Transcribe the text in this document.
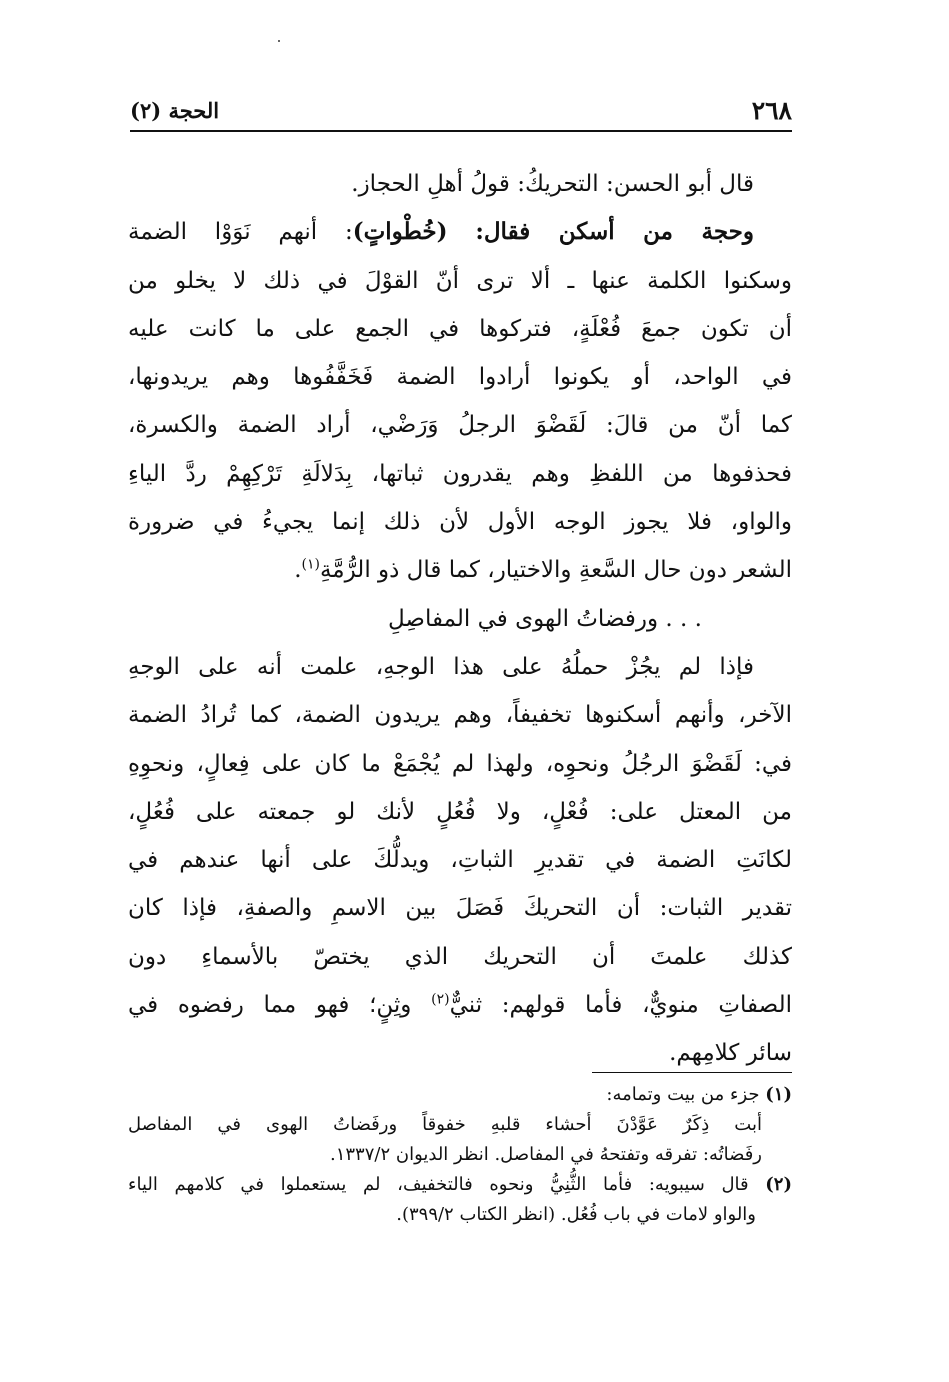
٢٦٨
الحجة (٢)
قال أبو الحسن: التحريكُ: قولُ أهلِ الحجاز.
وحجة من أسكن فقال: (خُطْواتٍ): أنهم نَوَوْا الضمة
وسكنوا الكلمة عنها ـ ألا ترى أنّ القوْلَ في ذلك لا يخلو من
أن تكون جمعَ فُعْلَةٍ، فتركوها في الجمع على ما كانت عليه
في الواحد، أو يكونوا أرادوا الضمة فَخَفَّفُوها وهم يريدونها،
كما أنّ من قالَ: لَقَضْوَ الرجلُ وَرَضْي، أراد الضمة والكسرة،
فحذفوها من اللفظِ وهم يقدرون ثباتها، بِدَلالَةِ تَرْكِهِمْ ردَّ الياءِ
والواو، فلا يجوز الوجه الأول لأن ذلك إنما يجيءُ في ضرورة
الشعر دون حال السَّعةِ والاختيار، كما قال ذو الرُّمَّةِ$^{(١)}$.
. . . ورفضاتُ الهوى في المفاصِلِ
فإذا لم يجُزْ حملُهُ على هذا الوجهِ، علمت أنه على الوجهِ
الآخر، وأنهم أسكنوها تخفيفاً، وهم يريدون الضمة، كما تُرادُ الضمة
في: لَقَضْوَ الرجُلُ ونحوِه، ولهذا لم يُجْمَعْ ما كان على فِعالٍ، ونحوِهِ
من المعتل على: فُعْلٍ، ولا فُعُلٍ لأنك لو جمعته على فُعُلٍ،
لكانَتِ الضمة في تقديرِ الثباتِ، ويدلُّكَ على أنها عندهم في
تقدير الثبات: أن التحريكَ فَصَلَ بين الاسمِ والصفةِ، فإذا كان
كذلك علمتَ أن التحريك الذي يختصّ بالأسماءِ دون
الصفاتِ منويٌّ، فأما قولهم: ثنيٌّ$^{(٢)}$ وثِنٍ؛ فهو مما رفضوه في
سائر كلامِهم.
(١) جزء من بيت وتمامه:
أبت ذِكَرٌ عَوَّدْنَ أحشاء قلبهِ خفوقاً ورفَضاتُ الهوى في المفاصل
رفَضاتُه: تفرقه وتفتحهُ في المفاصل. انظر الديوان ١٣٣٧/٢.
(٢) قال سيبويه: فأما الثُّنِيُّ ونحوه فالتخفيف، لم يستعملوا في كلامهم الياء
والواو لامات في باب فُعُل. (انظر الكتاب ٣٩٩/٢).
